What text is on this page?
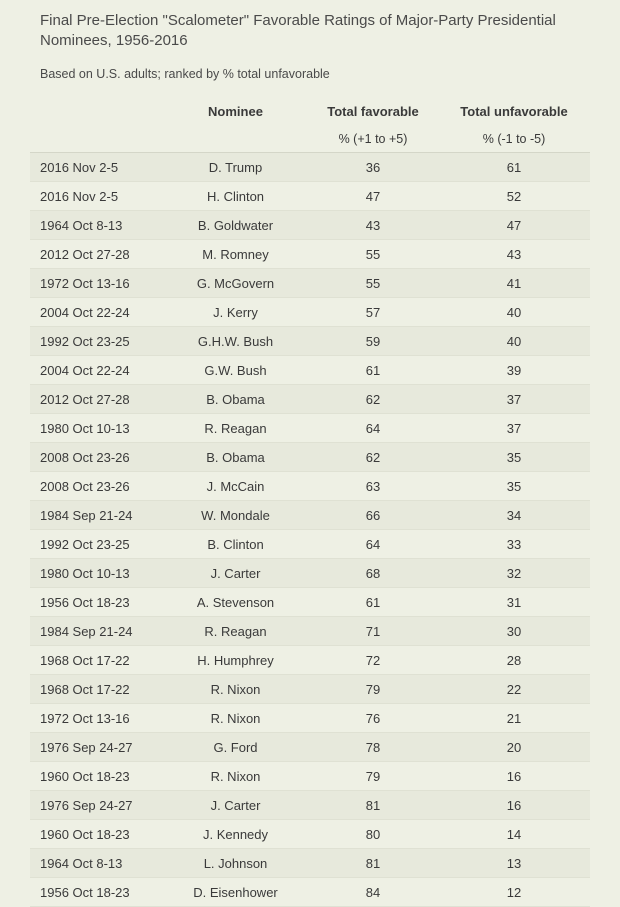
Final Pre-Election "Scalometer" Favorable Ratings of Major-Party Presidential Nominees, 1956-2016

Based on U.S. adults; ranked by % total unfavorable

	Nominee	Total favorable	Total unfavorable
		% (+1 to +5)	% (-1 to -5)
2016 Nov 2-5	D. Trump	36	61
2016 Nov 2-5	H. Clinton	47	52
1964 Oct 8-13	B. Goldwater	43	47
2012 Oct 27-28	M. Romney	55	43
1972 Oct 13-16	G. McGovern	55	41
2004 Oct 22-24	J. Kerry	57	40
1992 Oct 23-25	G.H.W. Bush	59	40
2004 Oct 22-24	G.W. Bush	61	39
2012 Oct 27-28	B. Obama	62	37
1980 Oct 10-13	R. Reagan	64	37
2008 Oct 23-26	B. Obama	62	35
2008 Oct 23-26	J. McCain	63	35
1984 Sep 21-24	W. Mondale	66	34
1992 Oct 23-25	B. Clinton	64	33
1980 Oct 10-13	J. Carter	68	32
1956 Oct 18-23	A. Stevenson	61	31
1984 Sep 21-24	R. Reagan	71	30
1968 Oct 17-22	H. Humphrey	72	28
1968 Oct 17-22	R. Nixon	79	22
1972 Oct 13-16	R. Nixon	76	21
1976 Sep 24-27	G. Ford	78	20
1960 Oct 18-23	R. Nixon	79	16
1976 Sep 24-27	J. Carter	81	16
1960 Oct 18-23	J. Kennedy	80	14
1964 Oct 8-13	L. Johnson	81	13
1956 Oct 18-23	D. Eisenhower	84	12
